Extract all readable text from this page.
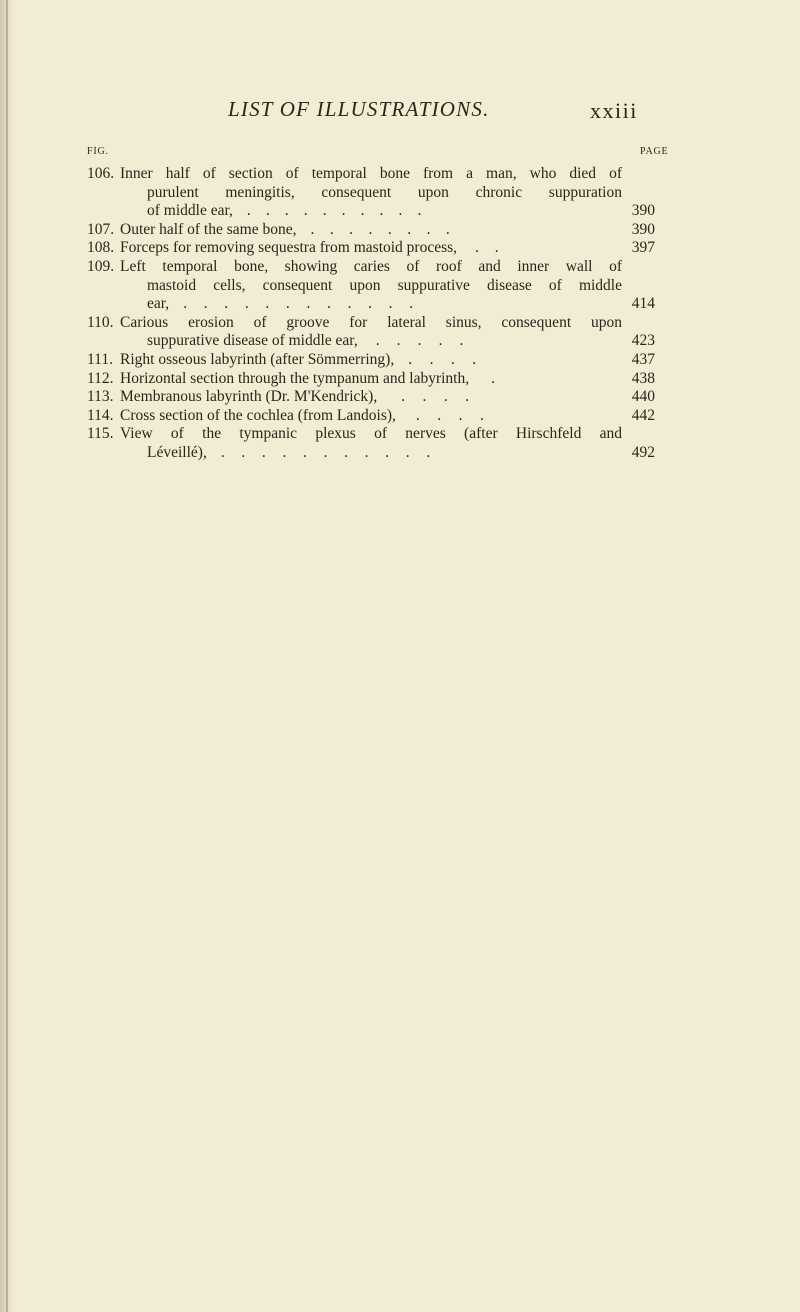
LIST OF ILLUSTRATIONS.	xxiii
FIG.	PAGE
106. Inner half of section of temporal bone from a man, who died of
purulent meningitis, consequent upon chronic suppuration
of middle ear, . . . . . . . . . .	390
107. Outer half of the same bone, . . . . . . . .	390
108. Forceps for removing sequestra from mastoid process, . .	397
109. Left temporal bone, showing caries of roof and inner wall of
mastoid cells, consequent upon suppurative disease of middle
ear, . . . . . . . . . . . .	414
110. Carious erosion of groove for lateral sinus, consequent upon
suppurative disease of middle ear, . . . . .	423
111. Right osseous labyrinth (after Sömmerring), . . . .	437
112. Horizontal section through the tympanum and labyrinth, .	438
113. Membranous labyrinth (Dr. M'Kendrick), . . . .	440
114. Cross section of the cochlea (from Landois), . . . .	442
115. View of the tympanic plexus of nerves (after Hirschfeld and
Léveillé), . . . . . . . . . . .	492
